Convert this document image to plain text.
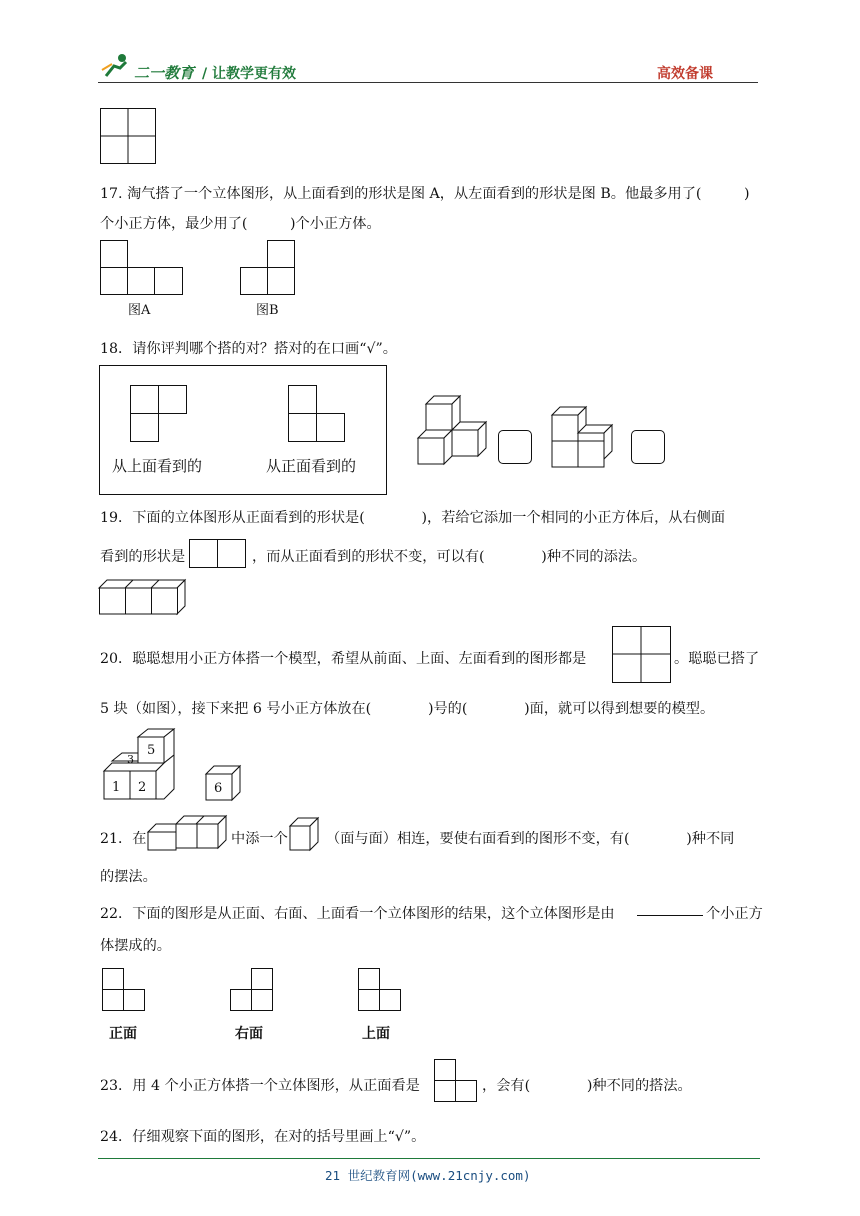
二一教育 / 让教学更有效	高效备课
17. 淘气搭了一个立体图形，从上面看到的形状是图 A，从左面看到的形状是图 B。他最多用了(　　　)
个小正方体，最少用了(　　　)个小正方体。
图A	图B
18．请你评判哪个搭的对？搭对的在口画“√”。
从上面看到的	从正面看到的
19．下面的立体图形从正面看到的形状是(　　　　)，若给它添加一个相同的小正方体后，从右侧面
看到的形状是	，而从正面看到的形状不变，可以有(　　　　)种不同的添法。
20．聪聪想用小正方体搭一个模型，希望从前面、上面、左面看到的图形都是	。聪聪已搭了
5 块（如图），接下来把 6 号小正方体放在(　　　　)号的(　　　　)面，就可以得到想要的模型。
1 2
3
5
6
21．在	中添一个	（面与面）相连，要使右面看到的图形不变，有(　　　　)种不同
的摆法。
22．下面的图形是从正面、右面、上面看一个立体图形的结果，这个立体图形是由	个小正方
体摆成的。
正面	右面	上面
23．用 4 个小正方体搭一个立体图形，从正面看是	，会有(　　　　)种不同的搭法。
24．仔细观察下面的图形，在对的括号里画上“√”。
21 世纪教育网(www.21cnjy.com)
